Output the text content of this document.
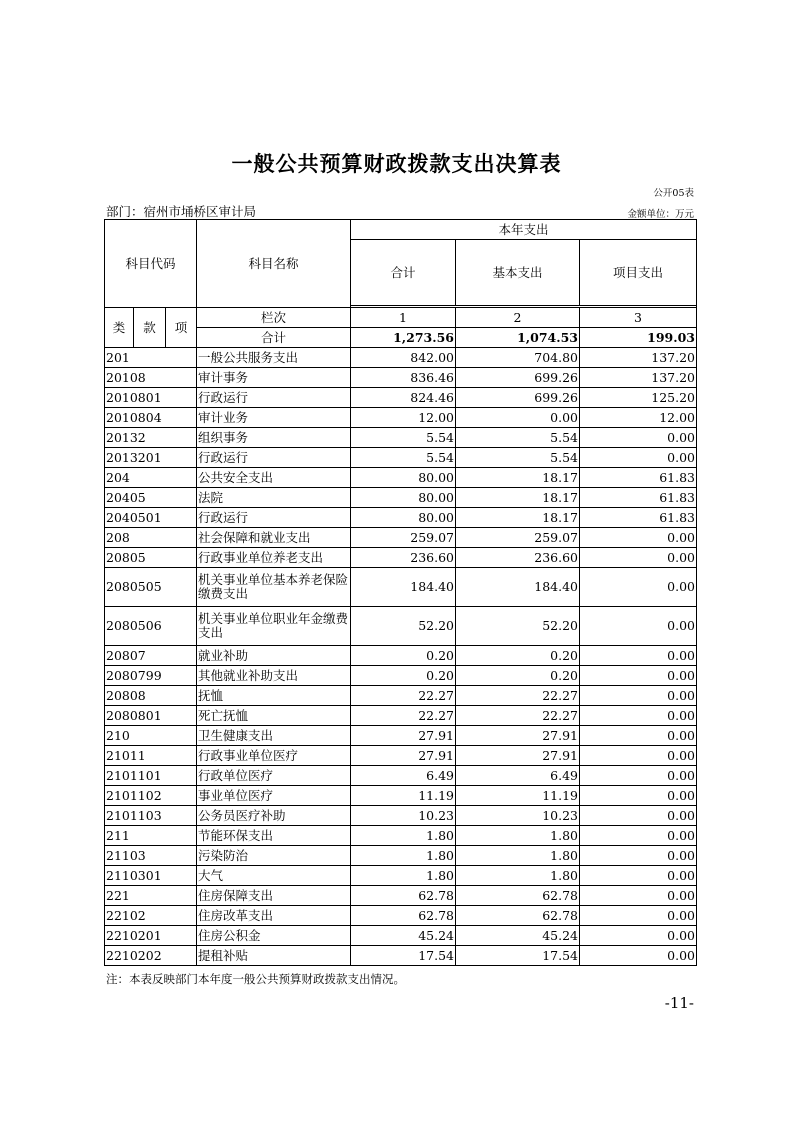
一般公共预算财政拨款支出决算表
公开05表
部门：宿州市埇桥区审计局	金额单位：万元
科目代码			科目名称	本年支出		
				合计	基本支出	项目支出

类	款	项	栏次	1	2	3
			合计	1,273.56	1,074.53	199.03
201			一般公共服务支出	842.00	704.80	137.20
20108			审计事务	836.46	699.26	137.20
2010801			行政运行	824.46	699.26	125.20
2010804			审计业务	12.00	0.00	12.00
20132			组织事务	5.54	5.54	0.00
2013201			行政运行	5.54	5.54	0.00
204			公共安全支出	80.00	18.17	61.83
20405			法院	80.00	18.17	61.83
2040501			行政运行	80.00	18.17	61.83
208			社会保障和就业支出	259.07	259.07	0.00
20805			行政事业单位养老支出	236.60	236.60	0.00
2080505			机关事业单位基本养老保险缴费支出	184.40	184.40	0.00
2080506			机关事业单位职业年金缴费支出	52.20	52.20	0.00
20807			就业补助	0.20	0.20	0.00
2080799			其他就业补助支出	0.20	0.20	0.00
20808			抚恤	22.27	22.27	0.00
2080801			死亡抚恤	22.27	22.27	0.00
210			卫生健康支出	27.91	27.91	0.00
21011			行政事业单位医疗	27.91	27.91	0.00
2101101			行政单位医疗	6.49	6.49	0.00
2101102			事业单位医疗	11.19	11.19	0.00
2101103			公务员医疗补助	10.23	10.23	0.00
211			节能环保支出	1.80	1.80	0.00
21103			污染防治	1.80	1.80	0.00
2110301			大气	1.80	1.80	0.00
221			住房保障支出	62.78	62.78	0.00
22102			住房改革支出	62.78	62.78	0.00
2210201			住房公积金	45.24	45.24	0.00
2210202			提租补贴	17.54	17.54	0.00
注：本表反映部门本年度一般公共预算财政拨款支出情况。
-11-
